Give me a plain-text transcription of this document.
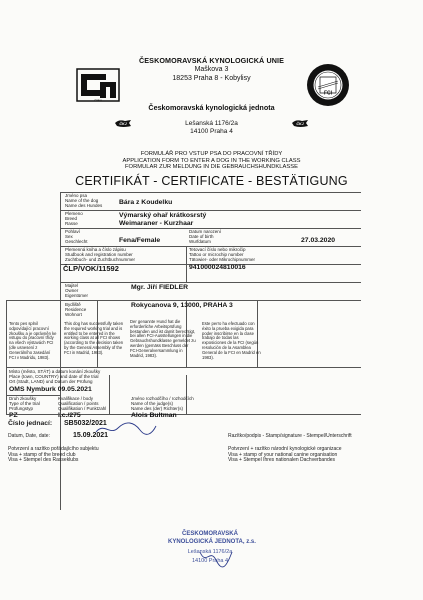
čmku
FCI
ČKJ	ČKJ
ČESKOMORAVSKÁ KYNOLOGICKÁ UNIE
Maškova 3
18253 Praha 8 - Kobylisy
Českomoravská kynologická jednota
Lešanská 1176/2a
14100 Praha 4
FORMULÁŘ PRO VSTUP PSA DO PRACOVNÍ TŘÍDY
APPLICATION FORM TO ENTER A DOG IN THE WORKING CLASS
FORMULAR ZUR MELDUNG IN DIE GEBRAUCHSHUNDKLASSE
CERTIFIKÁT - CERTIFICATE - BESTÄTIGUNG
Jméno psa
Name of the dog
Name des Hundes Bára z Koudelku
Plemeno
Breed
Rasse
Výmarský ohař krátkosrstý
Weimaraner - Kurzhaar
Pohlaví
Sex
Geschlecht	Fena/Female
Datum narození
Date of birth
Wurfdatum	27.03.2020
Plemenná kniha a číslo zápisu
Studbook and registration number
Zuchtbuch- und Zuchtbuchnummer
ČLP/VOK/11592
Tetovací číslo nebo mikročip
Tattoo or microchip number
Tätowier- oder Mikrochipnummer
941000024810016
Majitel
Owner
Eigentümer
Mgr. Jiří FIEDLER
Bydliště
Residence
Wohnort
Rokycanova 9, 13000, PRAHA 3
Tento pes splnil odpovídající pracovní zkoušku a je oprávněn ke vstupu do pracovní třídy na všech výstavách FCI (dle usnesení z Generálního zasedání FCI v Madridu, 1983).
This dog has successfully taken the required working trial and is entitled to be entered in the working class at all FCI shows (according to the decision taken by the General Assembly of the FCI in Madrid, 1983).
Der genannte Hund hat die erforderliche Arbeitsprüfung bestanden und ist damit berechtigt, bei allen FCI-Ausstellungen in die Gebrauchshundklasse gemeldet zu werden (gemäss Beschluss der FCI-Generalversammlung in Madrid, 1983).
Este perro ha efectuado con éxito la prueba exigida para poder inscribirse en la clase trabajo de todas las exposiciones de la FCI (según resolución de la Asamblea General de la FCI en Madrid en 1983).
Místo (město, STÁT) a datum konání zkoušky
Place (town, COUNTRY) and date of the trial
Ort (Stadt, LAND) und Datum der Prüfung
OMS Nymburk 09.05.2021
Druh zkoušky
Type of the trial
Prüfungstyp
PZ
Kvalifikace / body
Qualification / points
Qualifikation / Punktzahl
I.c./275
Jméno rozhodčího / rozhodčích
Name of the judge(s)
Name des (der) Richter(s)
Alois Bultman
Číslo jednací: SB5032/2021
Datum, Date, date:	15.09.2021
Potvrzení a razítko pořádajícího subjektu
Visa + stamp of the breed club
Visa + Stempel des Rasseklubs
Razítko/podpis - Stamp/signature - Stempel/Unterschrift
Potvrzení + razítko národní kynologické organizace
Visa + stamp of your national canine organisation
Visa + Stempel Ihres nationalen Dachverbandes
ČESKOMORAVSKÁ
KYNOLOGICKÁ JEDNOTA, z.s.
Lešanská 1176/2a
14100 Praha 4
